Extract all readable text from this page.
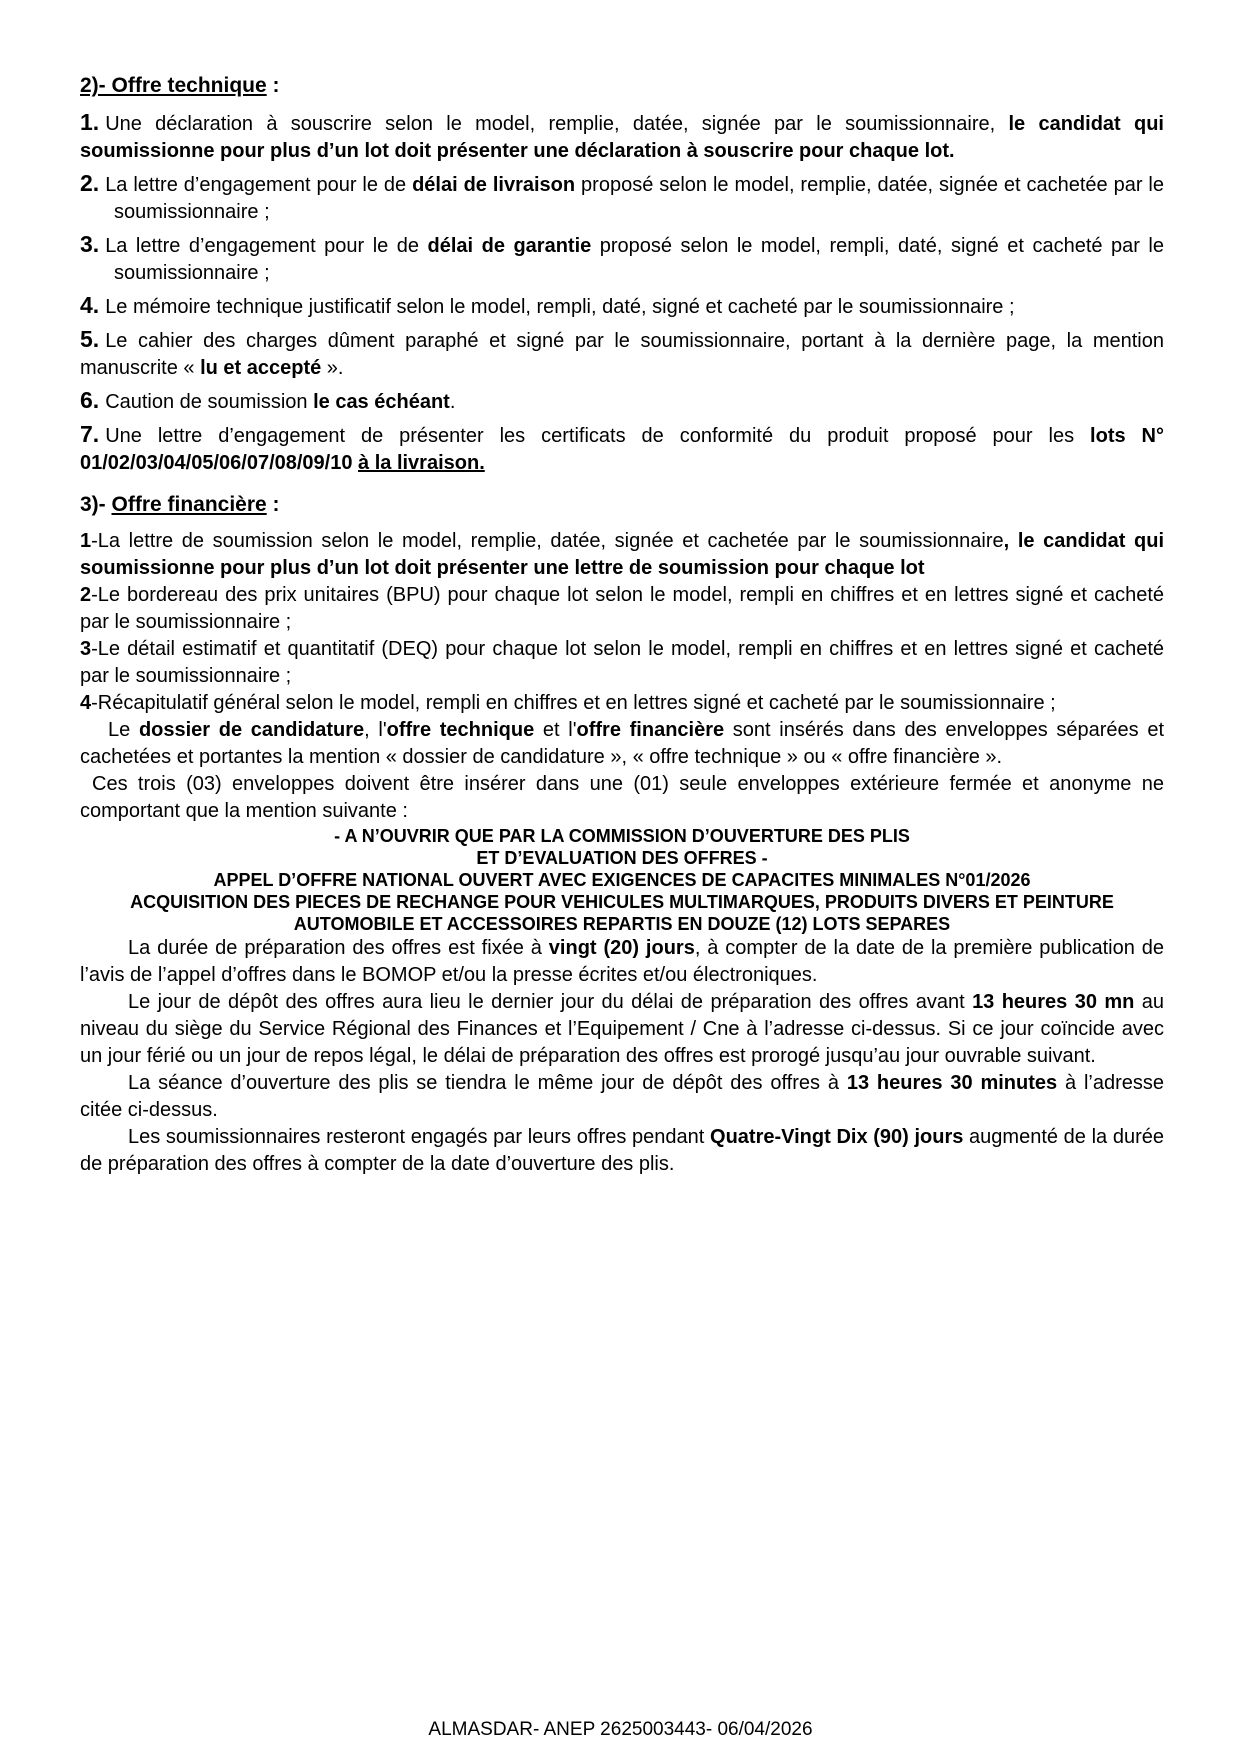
2)- Offre technique :

1. Une déclaration à souscrire selon le model, remplie, datée, signée par le soumissionnaire, le candidat qui soumissionne pour plus d’un lot doit présenter une déclaration à souscrire pour chaque lot.

2. La lettre d’engagement pour le de délai de livraison proposé selon le model, remplie, datée, signée et cachetée par le soumissionnaire ;

3. La lettre d’engagement pour le de délai de garantie proposé selon le model, rempli, daté, signé et cacheté par le soumissionnaire ;

4. Le mémoire technique justificatif selon le model, rempli, daté, signé et cacheté par le soumissionnaire ;

5. Le cahier des charges dûment paraphé et signé par le soumissionnaire, portant à la dernière page, la mention manuscrite « lu et accepté ».

6. Caution de soumission le cas échéant.

7. Une lettre d’engagement de présenter les certificats de conformité du produit proposé pour les lots N° 01/02/03/04/05/06/07/08/09/10 à la livraison.

3)- Offre financière :

1-La lettre de soumission selon le model, remplie, datée, signée et cachetée par le soumissionnaire, le candidat qui soumissionne pour plus d’un lot doit présenter une lettre de soumission pour chaque lot

2-Le bordereau des prix unitaires (BPU) pour chaque lot selon le model, rempli en chiffres et en lettres signé et cacheté par le soumissionnaire ;

3-Le détail estimatif et quantitatif (DEQ) pour chaque lot selon le model, rempli en chiffres et en lettres signé et cacheté par le soumissionnaire ;

4-Récapitulatif général selon le model, rempli en chiffres et en lettres signé et cacheté par le soumissionnaire ;

Le dossier de candidature, l'offre technique et l'offre financière sont insérés dans des enveloppes séparées et cachetées et portantes la mention « dossier de candidature », « offre technique » ou « offre financière ».

Ces trois (03) enveloppes doivent être insérer dans une (01) seule enveloppes extérieure fermée et anonyme ne comportant que la mention suivante :

- A N’OUVRIR QUE PAR LA COMMISSION D’OUVERTURE DES PLIS

ET D’EVALUATION DES OFFRES -

APPEL D’OFFRE NATIONAL OUVERT AVEC EXIGENCES DE CAPACITES MINIMALES N°01/2026

ACQUISITION DES PIECES DE RECHANGE POUR VEHICULES MULTIMARQUES, PRODUITS DIVERS ET PEINTURE AUTOMOBILE ET ACCESSOIRES REPARTIS EN DOUZE (12) LOTS SEPARES

La durée de préparation des offres est fixée à vingt (20) jours, à compter de la date de la première publication de l’avis de l’appel d’offres dans le BOMOP et/ou la presse écrites et/ou électroniques.

Le jour de dépôt des offres aura lieu le dernier jour du délai de préparation des offres avant 13 heures 30 mn au niveau du siège du Service Régional des Finances et l’Equipement / Cne à l’adresse ci-dessus. Si ce jour coïncide avec un jour férié ou un jour de repos légal, le délai de préparation des offres est prorogé jusqu’au jour ouvrable suivant.

La séance d’ouverture des plis se tiendra le même jour de dépôt des offres à 13 heures 30 minutes à l’adresse citée ci-dessus.

Les soumissionnaires resteront engagés par leurs offres pendant Quatre-Vingt Dix (90) jours augmenté de la durée de préparation des offres à compter de la date d’ouverture des plis.

ALMASDAR- ANEP 2625003443- 06/04/2026
